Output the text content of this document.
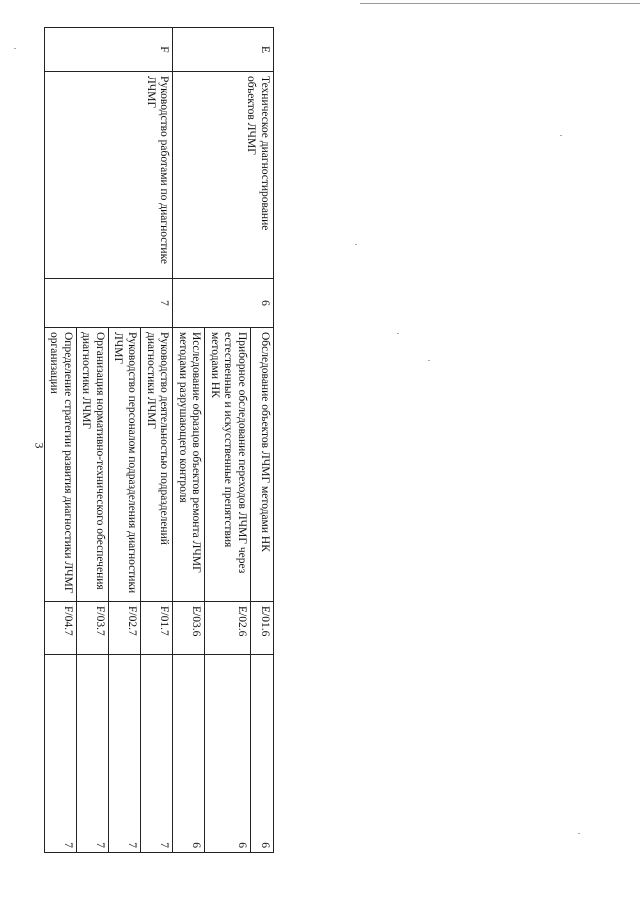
3
E	Техническое диагностирование объектов ЛЧМГ	6	Обследование объектов ЛЧМГ методами НК	E/01.6	6
			Приборное обследование переходов ЛЧМГ через естественные и искусственные препятствия методами НК	E/02.6	6
			Исследование образцов объектов ремонта ЛЧМГ методами разрушающего контроля	E/03.6	6
F	Руководство работами по диагностике ЛЧМГ	7	Руководство деятельностью подразделений диагностики ЛЧМГ	F/01.7	7
			Руководство персоналом подразделения диагностики ЛЧМГ	F/02.7	7
			Организация нормативно-технического обеспечения диагностики ЛЧМГ	F/03.7	7
			Определение стратегии развития диагностики ЛЧМГ организации	F/04.7	7
